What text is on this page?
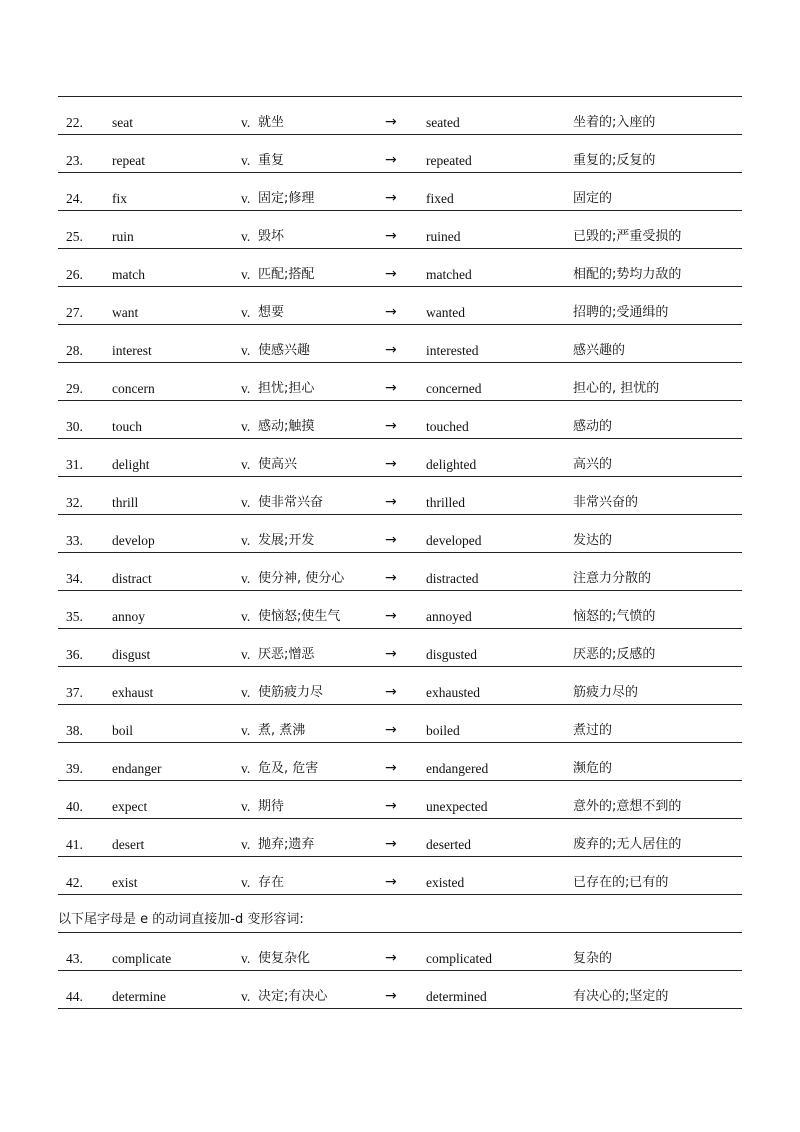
22. seat	v. 就坐	→ seated	坐着的;入座的
23. repeat	v. 重复	→ repeated	重复的;反复的
24. fix	v. 固定;修理	→ fixed	固定的
25. ruin	v. 毁坏	→ ruined	已毁的;严重受损的
26. match	v. 匹配;搭配	→ matched	相配的;势均力敌的
27. want	v. 想要	→ wanted	招聘的;受通缉的
28. interest	v. 使感兴趣	→ interested	感兴趣的
29. concern	v. 担忧;担心	→ concerned	担心的, 担忧的
30. touch	v. 感动;触摸	→ touched	感动的
31. delight	v. 使高兴	→ delighted	高兴的
32. thrill	v. 使非常兴奋	→ thrilled	非常兴奋的
33. develop	v. 发展;开发	→ developed	发达的
34. distract	v. 使分神, 使分心	→ distracted	注意力分散的
35. annoy	v. 使恼怒;使生气	→ annoyed	恼怒的;气愤的
36. disgust	v. 厌恶;憎恶	→ disgusted	厌恶的;反感的
37. exhaust	v. 使筋疲力尽	→ exhausted	筋疲力尽的
38. boil	v. 煮, 煮沸	→ boiled	煮过的
39. endanger	v. 危及, 危害	→ endangered	濒危的
40. expect	v. 期待	→ unexpected	意外的;意想不到的
41. desert	v. 抛弃;遗弃	→ deserted	废弃的;无人居住的
42. exist	v. 存在	→ existed	已存在的;已有的
以下尾字母是 e 的动词直接加-d 变形容词:
43. complicate	v. 使复杂化	→ complicated	复杂的
44. determine	v. 决定;有决心	→ determined	有决心的;坚定的
